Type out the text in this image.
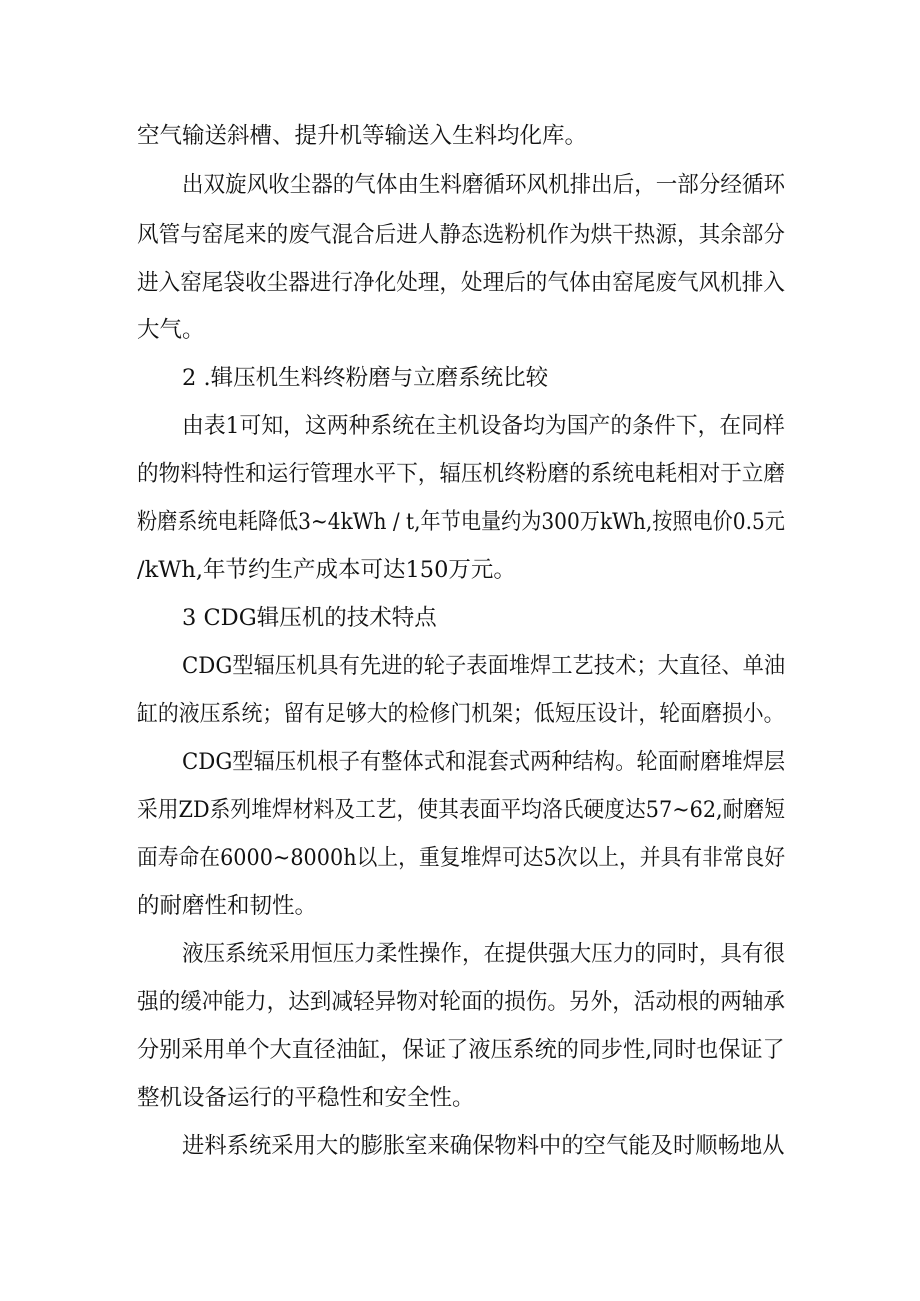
空气输送斜槽、提升机等输送入生料均化库。

出双旋风收尘器的气体由生料磨循环风机排出后，一部分经循环

风管与窑尾来的废气混合后进人静态选粉机作为烘干热源，其余部分

进入窑尾袋收尘器进行净化处理，处理后的气体由窑尾废气风机排入

大气。

2 .辑压机生料终粉磨与立磨系统比较

由表1可知，这两种系统在主机设备均为国产的条件下，在同样

的物料特性和运行管理水平下，辐压机终粉磨的系统电耗相对于立磨

粉磨系统电耗降低3~4kWh / t,年节电量约为300万kWh,按照电价0.5元

/kWh,年节约生产成本可达150万元。

3 CDG辑压机的技术特点

CDG型辐压机具有先进的轮子表面堆焊工艺技术；大直径、单油

缸的液压系统；留有足够大的检修门机架；低短压设计，轮面磨损小。

CDG型辐压机根子有整体式和混套式两种结构。轮面耐磨堆焊层

采用ZD系列堆焊材料及工艺，使其表面平均洛氏硬度达57~62,耐磨短

面寿命在6000~8000h以上，重复堆焊可达5次以上，并具有非常良好

的耐磨性和韧性。

液压系统采用恒压力柔性操作，在提供强大压力的同时，具有很

强的缓冲能力，达到减轻异物对轮面的损伤。另外，活动根的两轴承

分别采用单个大直径油缸，保证了液压系统的同步性,同时也保证了

整机设备运行的平稳性和安全性。

进料系统采用大的膨胀室来确保物料中的空气能及时顺畅地从
